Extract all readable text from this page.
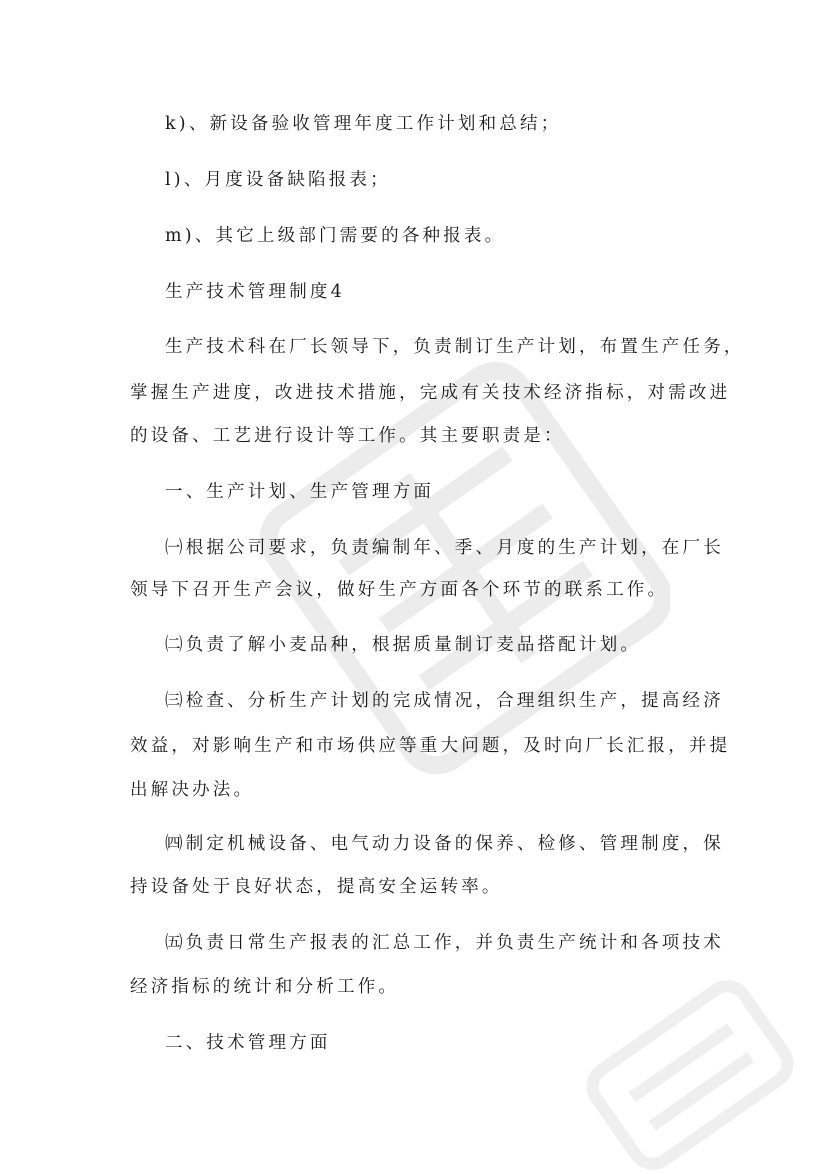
k)、新设备验收管理年度工作计划和总结；
l)、月度设备缺陷报表；
m)、其它上级部门需要的各种报表。
生产技术管理制度4
生产技术科在厂长领导下，负责制订生产计划，布置生产任务，
掌握生产进度，改进技术措施，完成有关技术经济指标，对需改进
的设备、工艺进行设计等工作。其主要职责是：
一、生产计划、生产管理方面
㈠根据公司要求，负责编制年、季、月度的生产计划，在厂长
领导下召开生产会议，做好生产方面各个环节的联系工作。
㈡负责了解小麦品种，根据质量制订麦品搭配计划。
㈢检查、分析生产计划的完成情况，合理组织生产，提高经济
效益，对影响生产和市场供应等重大问题，及时向厂长汇报，并提
出解决办法。
㈣制定机械设备、电气动力设备的保养、检修、管理制度，保
持设备处于良好状态，提高安全运转率。
㈤负责日常生产报表的汇总工作，并负责生产统计和各项技术
经济指标的统计和分析工作。
二、技术管理方面
